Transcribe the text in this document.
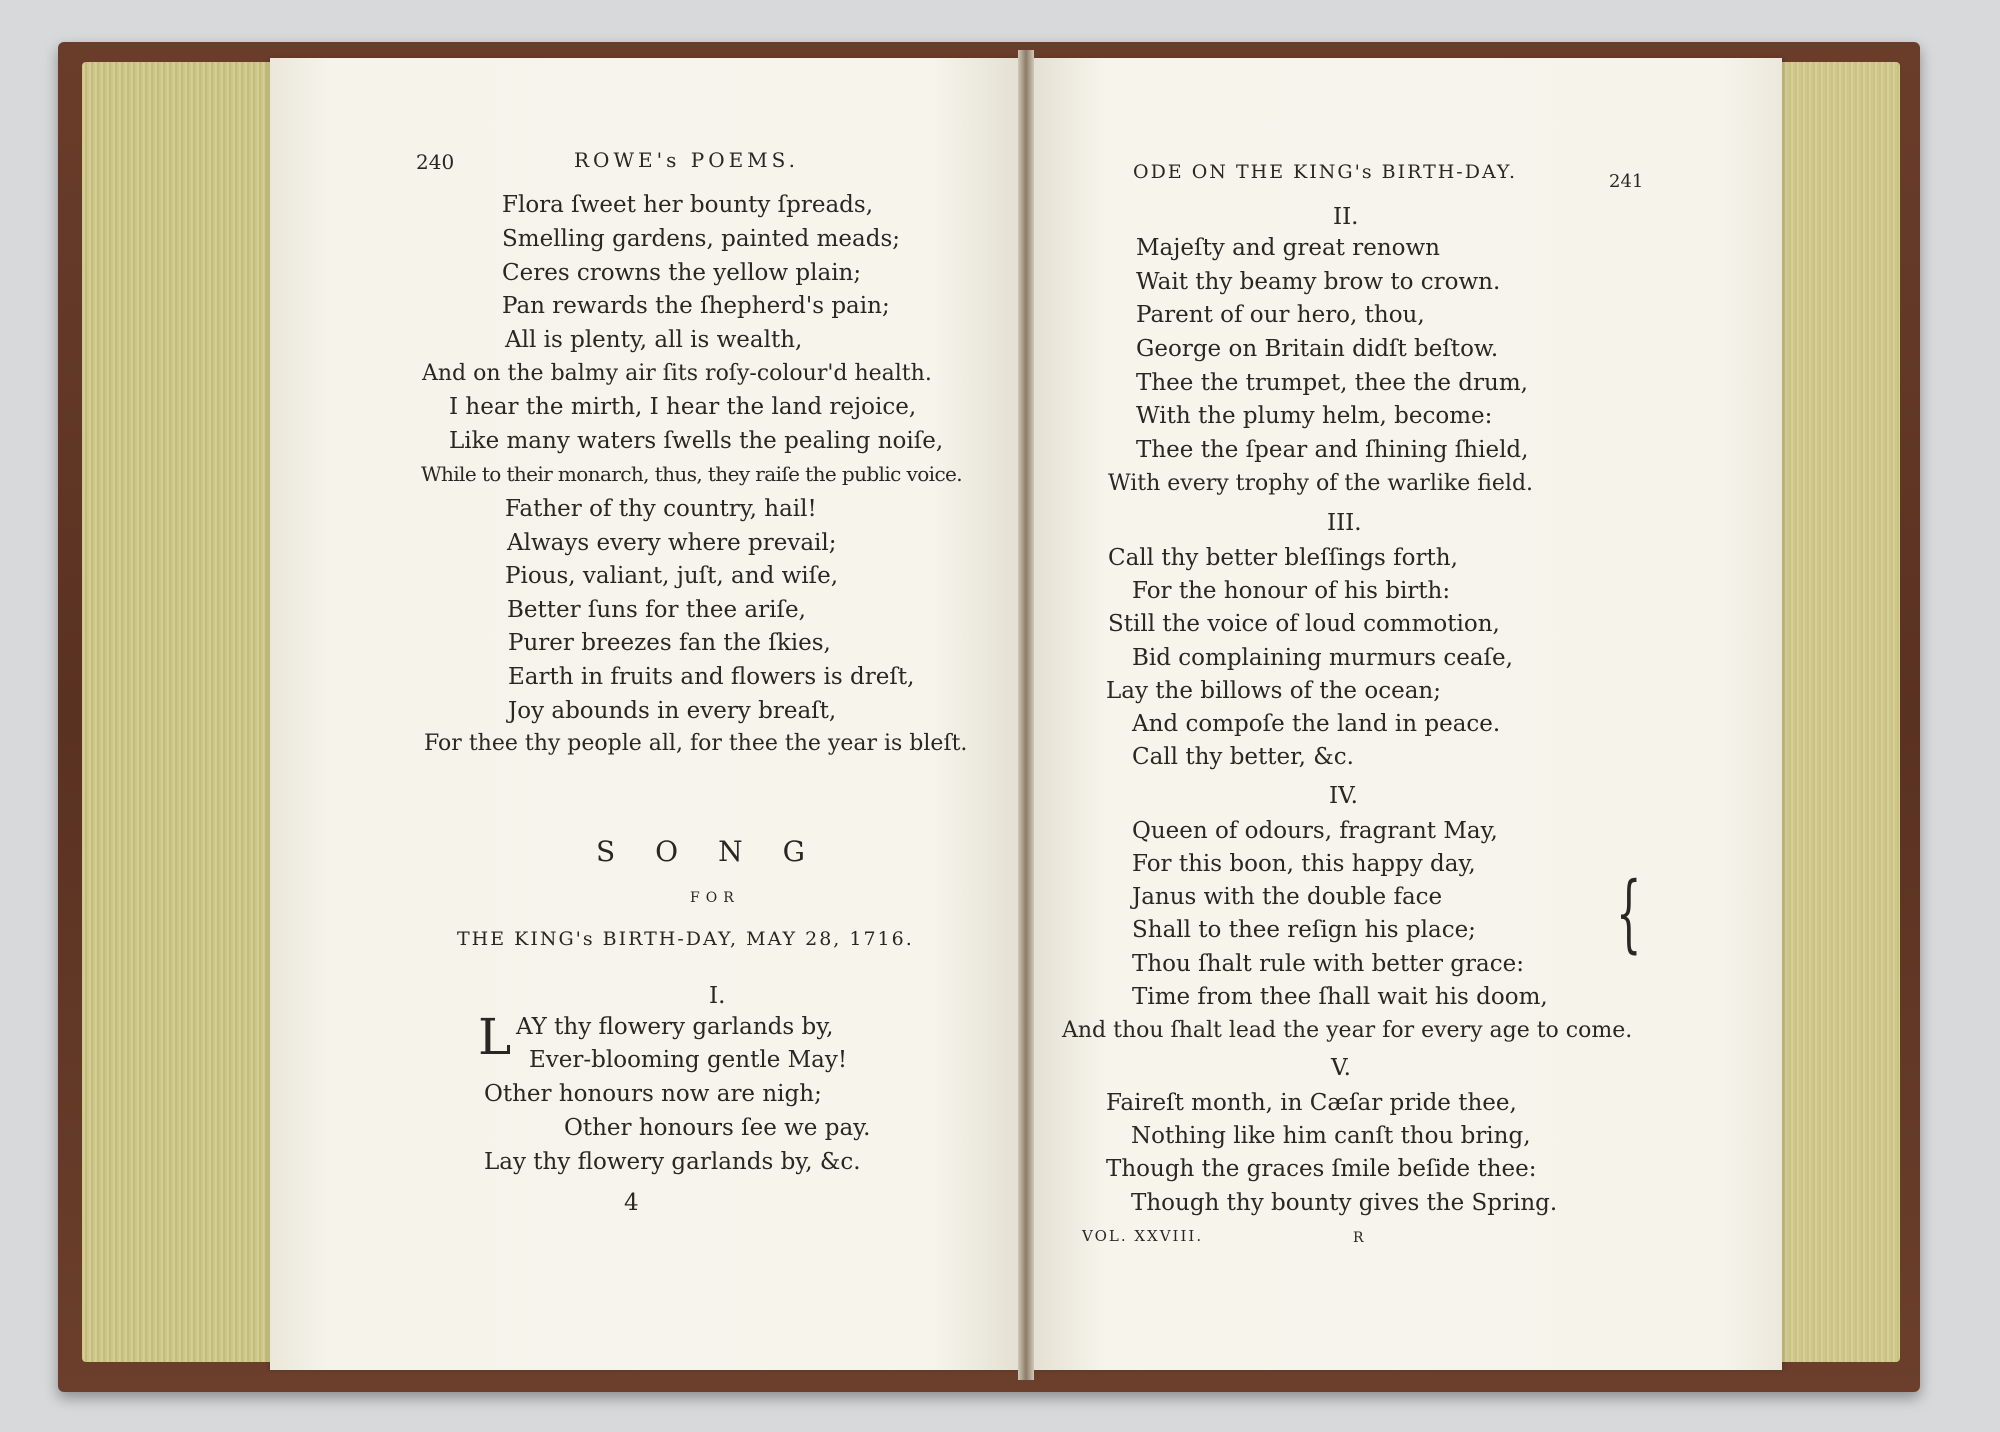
240	ROWE's POEMS.
Flora ſweet her bounty ſpreads,
Smelling gardens, painted meads;
Ceres crowns the yellow plain;
Pan rewards the ſhepherd's pain;
All is plenty, all is wealth,
And on the balmy air ſits roſy-colour'd health.
I hear the mirth, I hear the land rejoice,
Like many waters ſwells the pealing noiſe,
While to their monarch, thus, they raiſe the public voice.
Father of thy country, hail!
Always every where prevail;
Pious, valiant, juſt, and wiſe,
Better ſuns for thee ariſe,
Purer breezes fan the ſkies,
Earth in fruits and flowers is dreſt,
Joy abounds in every breaſt,
For thee thy people all, for thee the year is bleſt.
SONG
FOR
THE KING's BIRTH-DAY, MAY 28, 1716.
I.
L AY thy flowery garlands by,
Ever-blooming gentle May!
Other honours now are nigh;
Other honours ſee we pay.
Lay thy flowery garlands by, &c.
4
ODE ON THE KING's BIRTH-DAY.	241
II.
Majeſty and great renown
Wait thy beamy brow to crown.
Parent of our hero, thou,
George on Britain didſt beſtow.
Thee the trumpet, thee the drum,
With the plumy helm, become:
Thee the ſpear and ſhining ſhield,
With every trophy of the warlike field.
III.
Call thy better bleſſings forth,
For the honour of his birth:
Still the voice of loud commotion,
Bid complaining murmurs ceaſe,
Lay the billows of the ocean;
And compoſe the land in peace.
Call thy better, &c.
IV.
Queen of odours, fragrant May,
For this boon, this happy day,
Janus with the double face
Shall to thee reſign his place;
Thou ſhalt rule with better grace:
Time from thee ſhall wait his doom,
And thou ſhalt lead the year for every age to come.
{
V.
Faireſt month, in Cæſar pride thee,
Nothing like him canſt thou bring,
Though the graces ſmile beſide thee:
Though thy bounty gives the Spring.
VOL. XXVIII.	R
